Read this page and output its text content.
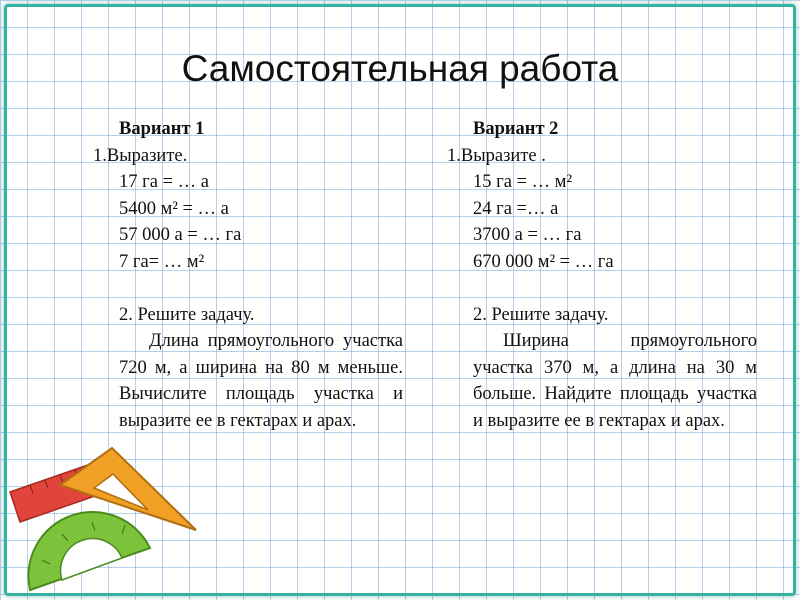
Самостоятельная работа
Вариант 1
1.Выразите.
17 га = … а
5400 м² = … а
57 000 а = … га
7 га= … м²
2. Решите задачу.
Длина прямоугольного участка 720 м, а ширина на 80 м меньше. Вычислите площадь участка и выразите ее в гектарах и арах.
Вариант 2
1.Выразите .
15 га = … м²
24 га =… а
3700 а = … га
670 000 м² = … га
2. Решите задачу.
Ширина прямоугольного участка 370 м, а длина на 30 м больше. Найдите площадь участка и выразите ее в гектарах и арах.
